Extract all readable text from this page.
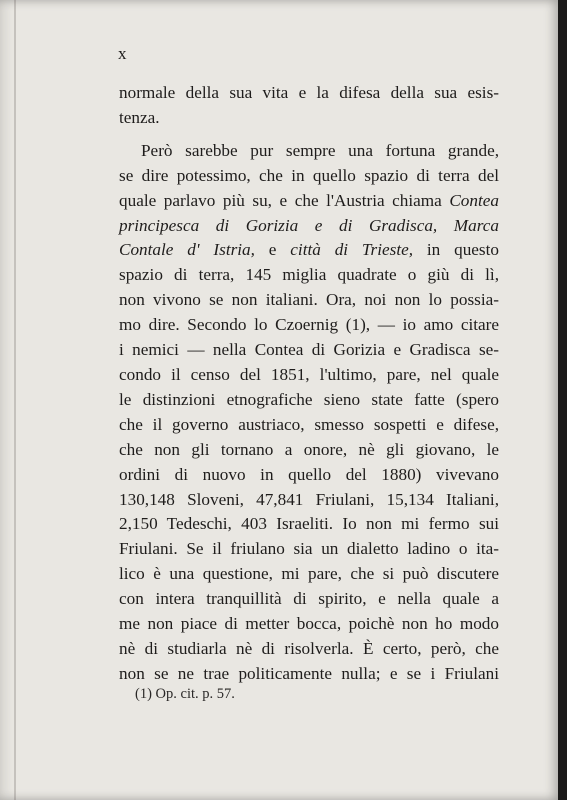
x
normale della sua vita e la difesa della sua esis-
tenza.
Però sarebbe pur sempre una fortuna grande,
se dire potessimo, che in quello spazio di terra del
quale parlavo più su, e che l'Austria chiama Contea
principesca di Gorizia e di Gradisca, Marca
Contale d' Istria, e città di Trieste, in questo
spazio di terra, 145 miglia quadrate o giù di lì,
non vivono se non italiani. Ora, noi non lo possia-
mo dire. Secondo lo Czoernig (1), — io amo citare
i nemici — nella Contea di Gorizia e Gradisca se-
condo il censo del 1851, l'ultimo, pare, nel quale
le distinzioni etnografiche sieno state fatte (spero
che il governo austriaco, smesso sospetti e difese,
che non gli tornano a onore, nè gli giovano, le
ordini di nuovo in quello del 1880) vivevano
130,148 Sloveni, 47,841 Friulani, 15,134 Italiani,
2,150 Tedeschi, 403 Israeliti. Io non mi fermo sui
Friulani. Se il friulano sia un dialetto ladino o ita-
lico è una questione, mi pare, che si può discutere
con intera tranquillità di spirito, e nella quale a
me non piace di metter bocca, poichè non ho modo
nè di studiarla nè di risolverla. È certo, però, che
non se ne trae politicamente nulla; e se i Friulani
(1) Op. cit. p. 57.
